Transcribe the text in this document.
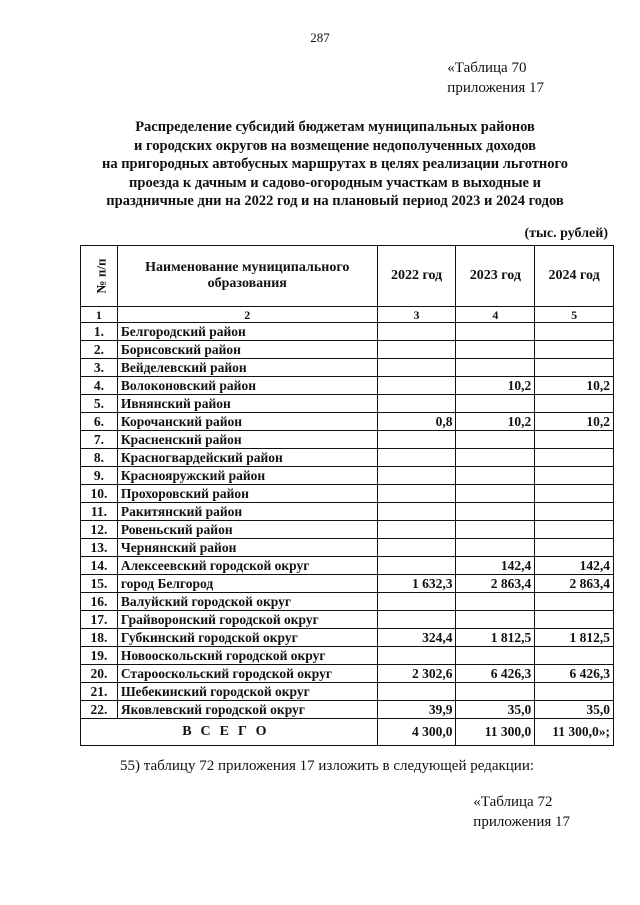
287
«Таблица 70
приложения 17
Распределение субсидий бюджетам муниципальных районов
и городских округов на возмещение недополученных доходов
на пригородных автобусных маршрутах в целях реализации льготного
проезда к дачным и садово-огородным участкам в выходные и
праздничные дни на 2022 год и на плановый период 2023 и 2024 годов
(тыс. рублей)
№ п/п	Наименование муниципального образования	2022 год	2023 год	2024 год
1	2	3	4	5
1.	Белгородский район			
2.	Борисовский район			
3.	Вейделевский район			
4.	Волоконовский район		10,2	10,2
5.	Ивнянский район			
6.	Корочанский район	0,8	10,2	10,2
7.	Красненский район			
8.	Красногвардейский район			
9.	Краснояружский район			
10.	Прохоровский район			
11.	Ракитянский район			
12.	Ровеньский район			
13.	Чернянский район			
14.	Алексеевский городской округ		142,4	142,4
15.	город Белгород	1 632,3	2 863,4	2 863,4
16.	Валуйский городской округ			
17.	Грайворонский городской округ			
18.	Губкинский городской округ	324,4	1 812,5	1 812,5
19.	Новооскольский городской округ			
20.	Старооскольский городской округ	2 302,6	6 426,3	6 426,3
21.	Шебекинский городской округ			
22.	Яковлевский городской округ	39,9	35,0	35,0
ВСЕГО		4 300,0	11 300,0	11 300,0»;
55) таблицу 72 приложения 17 изложить в следующей редакции:
«Таблица 72
приложения 17
